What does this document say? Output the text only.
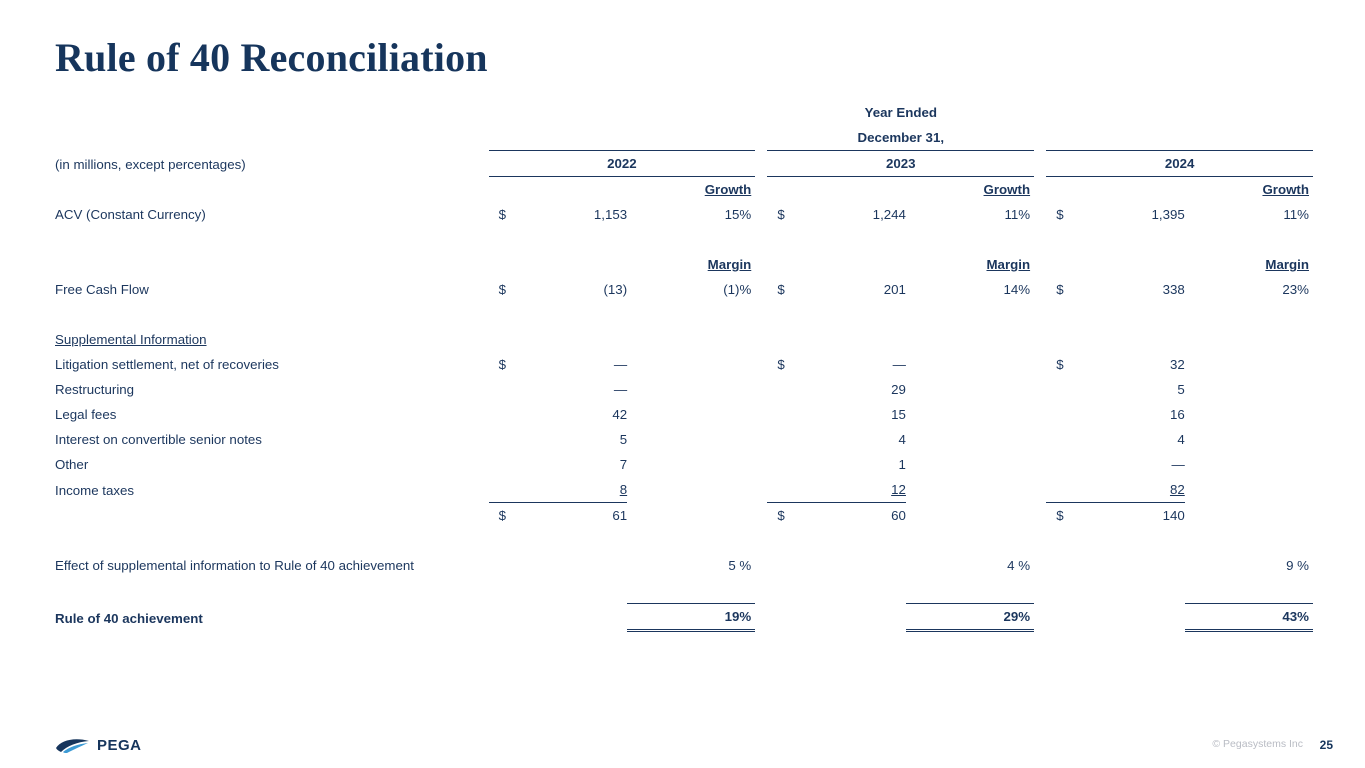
Rule of 40 Reconciliation
	Year Ended										
	December 31,										
(in millions, except percentages)	2022				2023				2024		
			Growth				Growth				Growth
ACV (Constant Currency)	$	1,153	15%		$	1,244	11%		$	1,395	11%

			Margin				Margin				Margin
Free Cash Flow	$	(13)	(1)%		$	201	14%		$	338	23%

Supplemental Information											
Litigation settlement, net of recoveries	$	—			$	—			$	32	
Restructuring		—				29				5	
Legal fees		42				15				16	
Interest on convertible senior notes		5				4				4	
Other		7				1				—	
Income taxes		8				12				82	
	$	61			$	60			$	140	

Effect of supplemental information to Rule of 40 achievement			5 %				4 %				9 %

Rule of 40 achievement			19%				29%				43%
PEGA	© Pegasystems Inc 25
